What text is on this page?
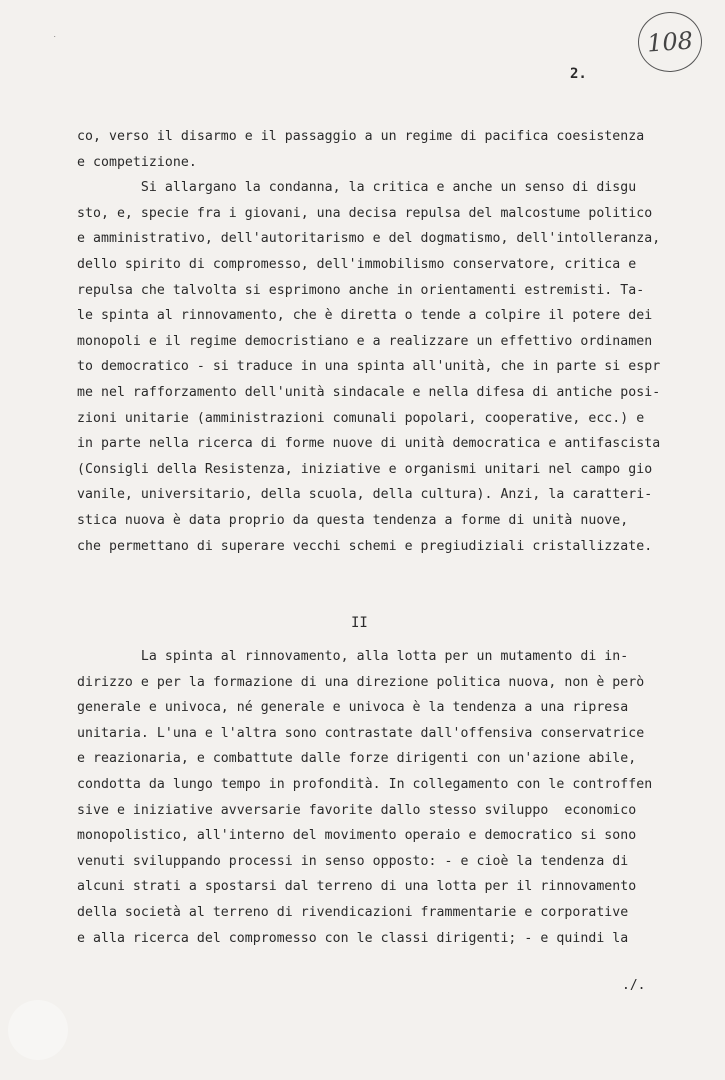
˙	108
2.
co, verso il disarmo e il passaggio a un regime di pacifica coesistenza
e competizione.
Si allargano la condanna, la critica e anche un senso di disgu
sto, e, specie fra i giovani, una decisa repulsa del malcostume politico
e amministrativo, dell'autoritarismo e del dogmatismo, dell'intolleranza,
dello spirito di compromesso, dell'immobilismo conservatore, critica e
repulsa che talvolta si esprimono anche in orientamenti estremisti. Ta-
le spinta al rinnovamento, che è diretta o tende a colpire il potere dei
monopoli e il regime democristiano e a realizzare un effettivo ordinamen
to democratico - si traduce in una spinta all'unità, che in parte si espr
me nel rafforzamento dell'unità sindacale e nella difesa di antiche posi-
zioni unitarie (amministrazioni comunali popolari, cooperative, ecc.) e
in parte nella ricerca di forme nuove di unità democratica e antifascista
(Consigli della Resistenza, iniziative e organismi unitari nel campo gio
vanile, universitario, della scuola, della cultura). Anzi, la caratteri-
stica nuova è data proprio da questa tendenza a forme di unità nuove,
che permettano di superare vecchi schemi e pregiudiziali cristallizzate.
II
La spinta al rinnovamento, alla lotta per un mutamento di in-
dirizzo e per la formazione di una direzione politica nuova, non è però
generale e univoca, né generale e univoca è la tendenza a una ripresa
unitaria. L'una e l'altra sono contrastate dall'offensiva conservatrice
e reazionaria, e combattute dalle forze dirigenti con un'azione abile,
condotta da lungo tempo in profondità. In collegamento con le controffen
sive e iniziative avversarie favorite dallo stesso sviluppo  economico
monopolistico, all'interno del movimento operaio e democratico si sono
venuti sviluppando processi in senso opposto: - e cioè la tendenza di
alcuni strati a spostarsi dal terreno di una lotta per il rinnovamento
della società al terreno di rivendicazioni frammentarie e corporative
e alla ricerca del compromesso con le classi dirigenti; - e quindi la
./.
